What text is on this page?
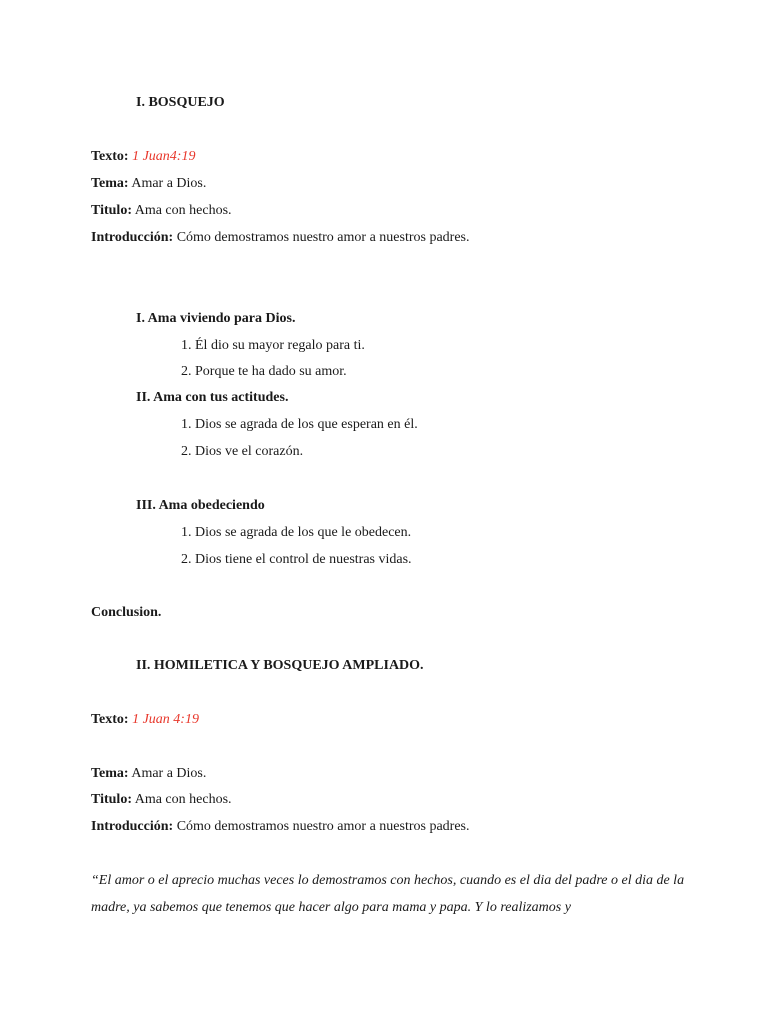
I. BOSQUEJO
Texto: 1 Juan4:19
Tema: Amar a Dios.
Titulo: Ama con hechos.
Introducción: Cómo demostramos nuestro amor a nuestros padres.
I. Ama viviendo para Dios.
1. Él dio su mayor regalo para ti.
2. Porque te ha dado su amor.
II. Ama con tus actitudes.
1. Dios se agrada de los que esperan en él.
2. Dios ve el corazón.
III. Ama obedeciendo
1. Dios se agrada de los que le obedecen.
2. Dios tiene el control de nuestras vidas.
Conclusion.
II. HOMILETICA Y BOSQUEJO AMPLIADO.
Texto: 1 Juan 4:19
Tema: Amar a Dios.
Titulo: Ama con hechos.
Introducción: Cómo demostramos nuestro amor a nuestros padres.
“El amor o el aprecio muchas veces lo demostramos con hechos, cuando es el dia del padre o el dia de la madre, ya sabemos que tenemos que hacer algo para mama y papa. Y lo realizamos y
